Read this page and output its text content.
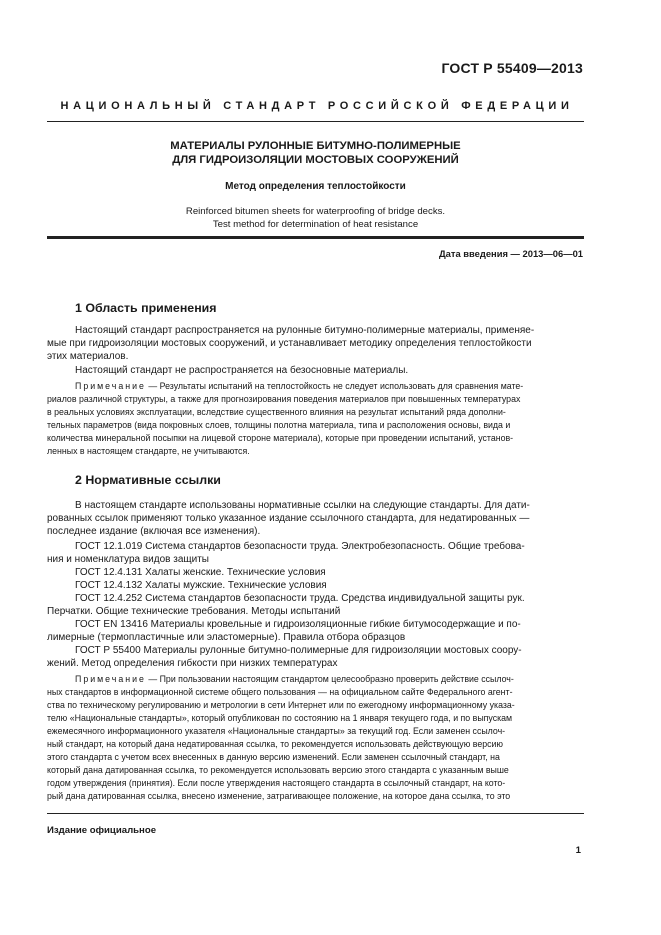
ГОСТ Р 55409—2013
НАЦИОНАЛЬНЫЙ СТАНДАРТ РОССИЙСКОЙ ФЕДЕРАЦИИ
МАТЕРИАЛЫ РУЛОННЫЕ БИТУМНО-ПОЛИМЕРНЫЕ
ДЛЯ ГИДРОИЗОЛЯЦИИ МОСТОВЫХ СООРУЖЕНИЙ
Метод определения теплостойкости
Reinforced bitumen sheets for waterproofing of bridge decks.
Test method for determination of heat resistance
Дата введения — 2013—06—01
1 Область применения

Настоящий стандарт распространяется на рулонные битумно-полимерные материалы, применяе-

мые при гидроизоляции мостовых сооружений, и устанавливает методику определения теплостойкости

этих материалов.

Настоящий стандарт не распространяется на безосновные материалы.

Примечание — Результаты испытаний на теплостойкость не следует использовать для сравнения мате-

риалов различной структуры, а также для прогнозирования поведения материалов при повышенных температурах

в реальных условиях эксплуатации, вследствие существенного влияния на результат испытаний ряда дополни-

тельных параметров (вида покровных слоев, толщины полотна материала, типа и расположения основы, вида и

количества минеральной посыпки на лицевой стороне материала), которые при проведении испытаний, установ-

ленных в настоящем стандарте, не учитываются.

2 Нормативные ссылки

В настоящем стандарте использованы нормативные ссылки на следующие стандарты. Для дати-

рованных ссылок применяют только указанное издание ссылочного стандарта, для недатированных —

последнее издание (включая все изменения).

ГОСТ 12.1.019 Система стандартов безопасности труда. Электробезопасность. Общие требова-

ния и номенклатура видов защиты

ГОСТ 12.4.131 Халаты женские. Технические условия

ГОСТ 12.4.132 Халаты мужские. Технические условия

ГОСТ 12.4.252 Система стандартов безопасности труда. Средства индивидуальной защиты рук.

Перчатки. Общие технические требования. Методы испытаний

ГОСТ EN 13416 Материалы кровельные и гидроизоляционные гибкие битумосодержащие и по-

лимерные (термопластичные или эластомерные). Правила отбора образцов

ГОСТ Р 55400 Материалы рулонные битумно-полимерные для гидроизоляции мостовых соору-

жений. Метод определения гибкости при низких температурах

Примечание — При пользовании настоящим стандартом целесообразно проверить действие ссылоч-

ных стандартов в информационной системе общего пользования — на официальном сайте Федерального агент-

ства по техническому регулированию и метрологии в сети Интернет или по ежегодному информационному указа-

телю «Национальные стандарты», который опубликован по состоянию на 1 января текущего года, и по выпускам

ежемесячного информационного указателя «Национальные стандарты» за текущий год. Если заменен ссылоч-

ный стандарт, на который дана недатированная ссылка, то рекомендуется использовать действующую версию

этого стандарта с учетом всех внесенных в данную версию изменений. Если заменен ссылочный стандарт, на

который дана датированная ссылка, то рекомендуется использовать версию этого стандарта с указанным выше

годом утверждения (принятия). Если после утверждения настоящего стандарта в ссылочный стандарт, на кото-

рый дана датированная ссылка, внесено изменение, затрагивающее положение, на которое дана ссылка, то это

Издание официальное
1
